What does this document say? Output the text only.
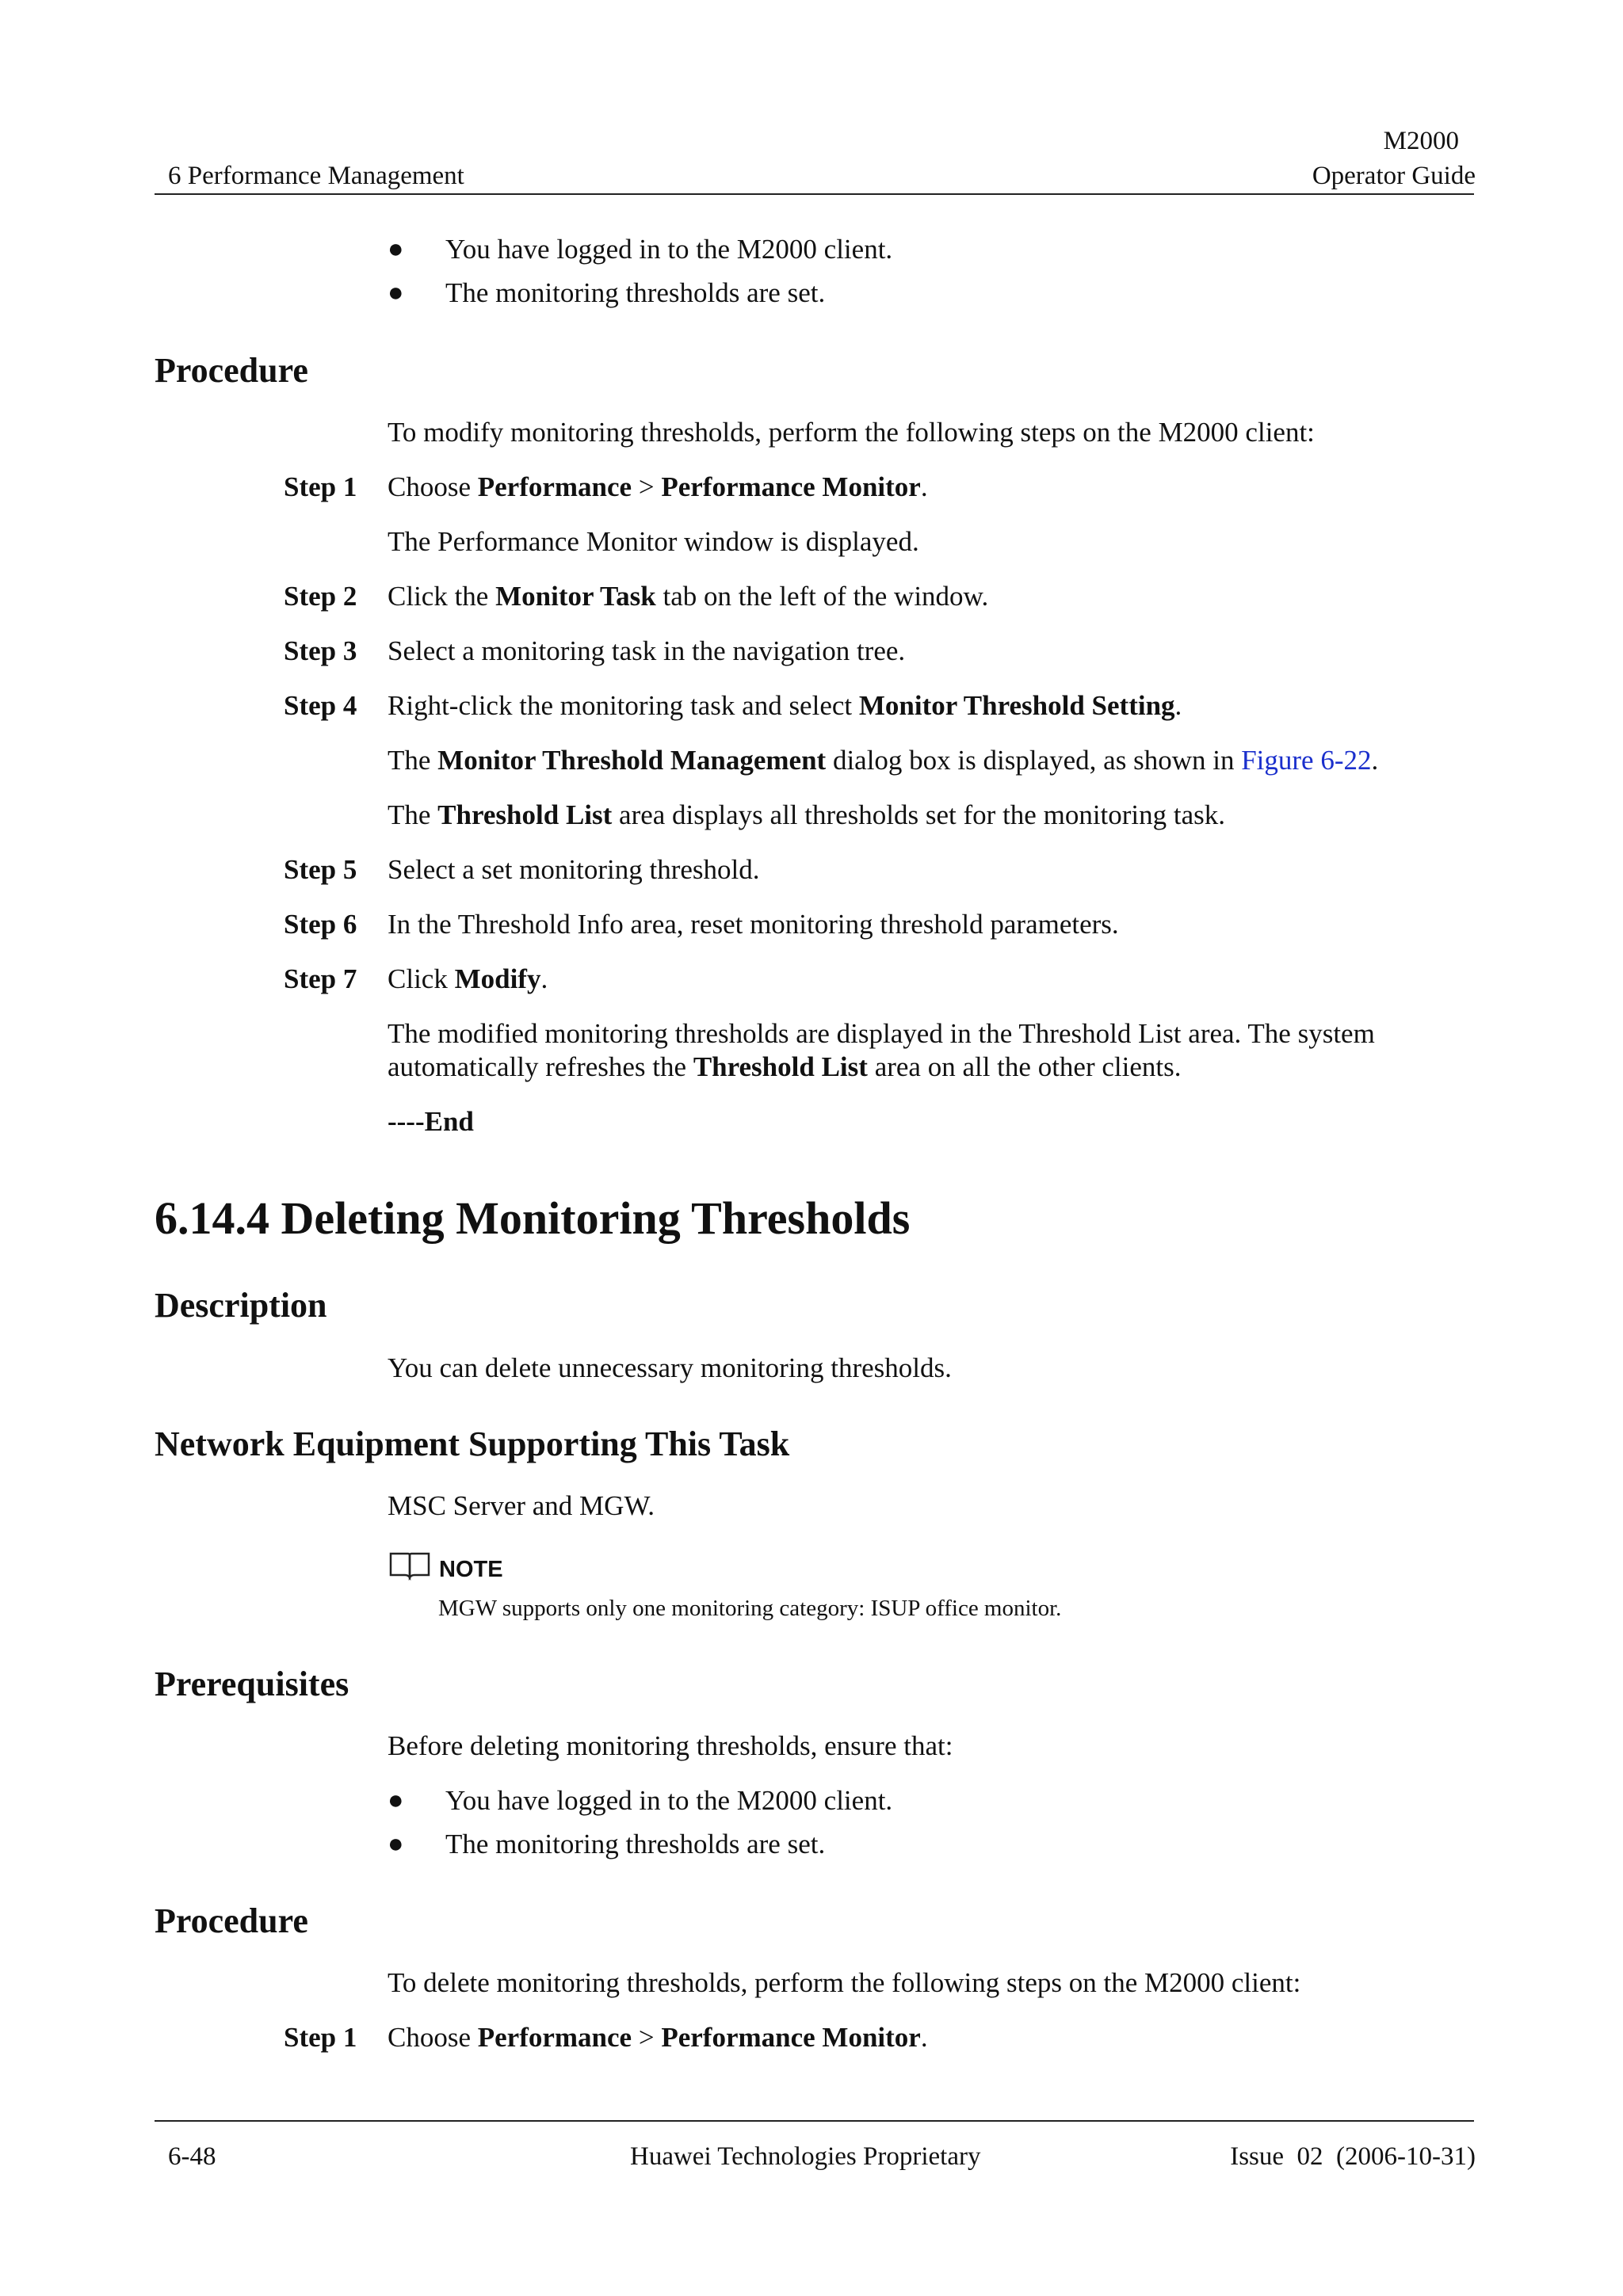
M2000
6 Performance Management	Operator Guide
● You have logged in to the M2000 client.
● The monitoring thresholds are set.
Procedure
To modify monitoring thresholds, perform the following steps on the M2000 client:
Step 1 Choose Performance > Performance Monitor.
The Performance Monitor window is displayed.
Step 2 Click the Monitor Task tab on the left of the window.
Step 3 Select a monitoring task in the navigation tree.
Step 4 Right-click the monitoring task and select Monitor Threshold Setting.
The Monitor Threshold Management dialog box is displayed, as shown in Figure 6-22.
The Threshold List area displays all thresholds set for the monitoring task.
Step 5 Select a set monitoring threshold.
Step 6 In the Threshold Info area, reset monitoring threshold parameters.
Step 7 Click Modify.
The modified monitoring thresholds are displayed in the Threshold List area. The system automatically refreshes the Threshold List area on all the other clients.
----End
6.14.4 Deleting Monitoring Thresholds
Description
You can delete unnecessary monitoring thresholds.
Network Equipment Supporting This Task
MSC Server and MGW.
NOTE
MGW supports only one monitoring category: ISUP office monitor.
Prerequisites
Before deleting monitoring thresholds, ensure that:
● You have logged in to the M2000 client.
● The monitoring thresholds are set.
Procedure
To delete monitoring thresholds, perform the following steps on the M2000 client:
Step 1 Choose Performance > Performance Monitor.
6-48	Huawei Technologies Proprietary	Issue  02  (2006-10-31)
